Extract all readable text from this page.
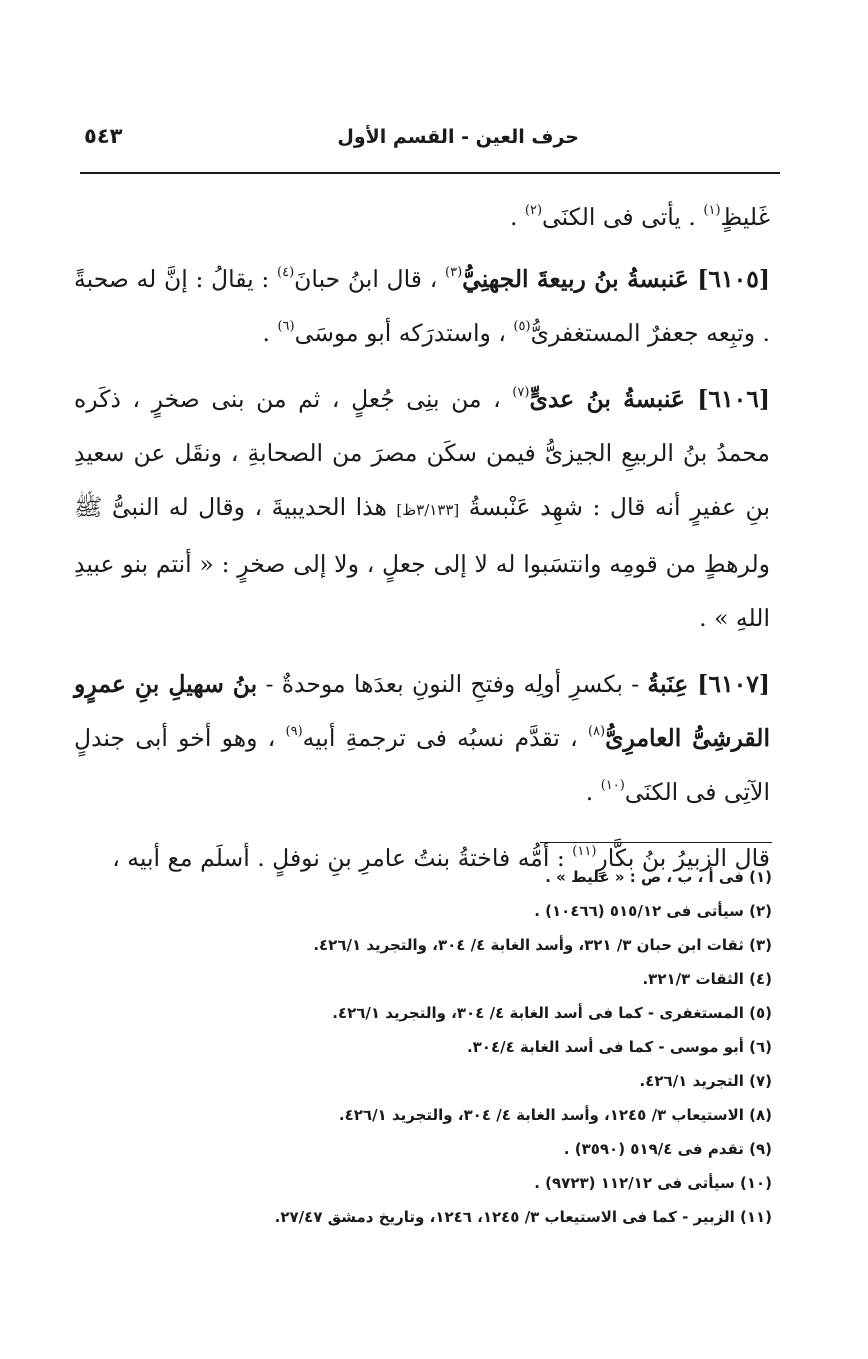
حرف العين - القسم الأول
٥٤٣

غَليظٍ$^{(١)}$ . يأتى فى الكنَى$^{(٢)}$ .

[٦١٠٥] عَنبسةُ بنُ ربيعةَ الجهنِيُّ$^{(٣)}$ ، قال ابنُ حبانَ$^{(٤)}$ : يقالُ : إنَّ له صحبةً . وتبِعه جعفرٌ المستغفرىُّ$^{(٥)}$ ، واستدرَكه أبو موسَى$^{(٦)}$ .

[٦١٠٦] عَنبسةُ بنُ عدىٍّ$^{(٧)}$ ، من بنِى جُعلٍ ، ثم من بنى صخرٍ ، ذكَره محمدُ بنُ الربيعِ الجيزىُّ فيمن سكَن مصرَ من الصحابةِ ، ونقَل عن سعيدِ بنِ عفيرٍ أنه قال : شهِد عَنْبسةُ [٣/١٣٣ظ] هذا الحديبيةَ ، وقال له النبىُّ ﷺ ولرهطٍ من قومِه وانتسَبوا له لا إلى جعلٍ ، ولا إلى صخرٍ : « أنتم بنو عبيدِ اللهِ » .

[٦١٠٧] عِنَبةُ - بكسرِ أولِه وفتحِ النونِ بعدَها موحدةٌ - بنُ سهيلِ بنِ عمرٍو القرشِىُّ العامرِىُّ$^{(٨)}$ ، تقدَّم نسبُه فى ترجمةِ أبيه$^{(٩)}$ ، وهو أخو أبى جندلٍ الآتِى فى الكنَى$^{(١٠)}$ .

قال الزبيرُ بنُ بكَّارٍ$^{(١١)}$ : أمُّه فاختةُ بنتُ عامرِ بنِ نوفلٍ . أسلَم مع أبيه ،

(١) فى أ ، ب ، ص : « عليط » .
(٢) سيأتى فى ٥١٥/١٢ (١٠٤٦٦) .
(٣) ثقات ابن حبان ٣/ ٣٢١، وأسد الغابة ٤/ ٣٠٤، والتجريد ٤٢٦/١.
(٤) الثقات ٣٢١/٣.
(٥) المستغفرى - كما فى أسد الغابة ٤/ ٣٠٤، والتجريد ٤٢٦/١.
(٦) أبو موسى - كما فى أسد الغابة ٣٠٤/٤.
(٧) التجريد ٤٢٦/١.
(٨) الاستيعاب ٣/ ١٢٤٥، وأسد الغابة ٤/ ٣٠٤، والتجريد ٤٢٦/١.
(٩) تقدم فى ٥١٩/٤ (٣٥٩٠) .
(١٠) سيأتى فى ١١٢/١٢ (٩٧٢٣) .
(١١) الزبير - كما فى الاستيعاب ٣/ ١٢٤٥، ١٢٤٦، وتاريخ دمشق ٢٧/٤٧.
